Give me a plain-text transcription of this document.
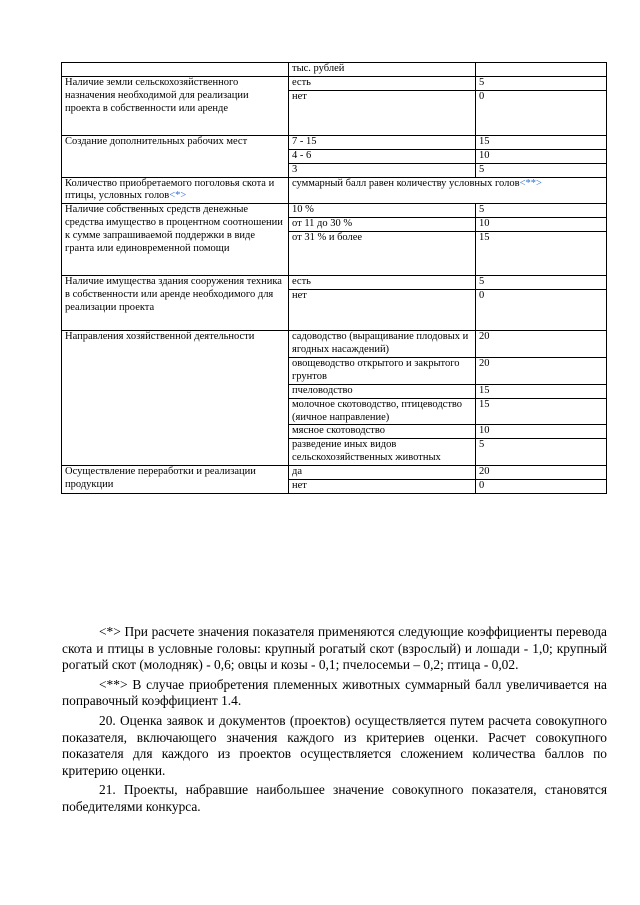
	тыс. рублей	
Наличие земли сельскохозяйственного назначения необходимой для реализации проекта в собственности или аренде	есть	5
	нет	0
Создание дополнительных рабочих мест	7 - 15	15
	4 - 6	10
	3	5
Количество приобретаемого поголовья скота и птицы, условных голов<*>	суммарный балл равен количеству условных голов<**>	
Наличие собственных средств денежные средства имущество в процентном соотношении к сумме запрашиваемой поддержки в виде гранта или единовременной помощи	10 %	5
	от 11 до 30 %	10
	от 31 % и более	15
Наличие имущества здания сооружения техника в собственности или аренде необходимого для реализации проекта	есть	5
	нет	0
Направления хозяйственной деятельности	садоводство (выращивание плодовых и ягодных насаждений)	20
	овощеводство открытого и закрытого грунтов	20
	пчеловодство	15
	молочное скотоводство, птицеводство (яичное направление)	15
	мясное скотоводство	10
	разведение иных видов сельскохозяйственных животных	5
Осуществление переработки и реализации продукции	да	20
	нет	0

<*> При расчете значения показателя применяются следующие коэффициенты перевода скота и птицы в условные головы: крупный рогатый скот (взрослый) и лошади - 1,0; крупный рогатый скот (молодняк) - 0,6; овцы и козы - 0,1; пчелосемьи – 0,2; птица - 0,02.

<**> В случае приобретения племенных животных суммарный балл увеличивается на поправочный коэффициент 1.4.

20. Оценка заявок и документов (проектов) осуществляется путем расчета совокупного показателя, включающего значения каждого из критериев оценки. Расчет совокупного показателя для каждого из проектов осуществляется сложением количества баллов по критерию оценки.

21. Проекты, набравшие наибольшее значение совокупного показателя, становятся победителями конкурса.
